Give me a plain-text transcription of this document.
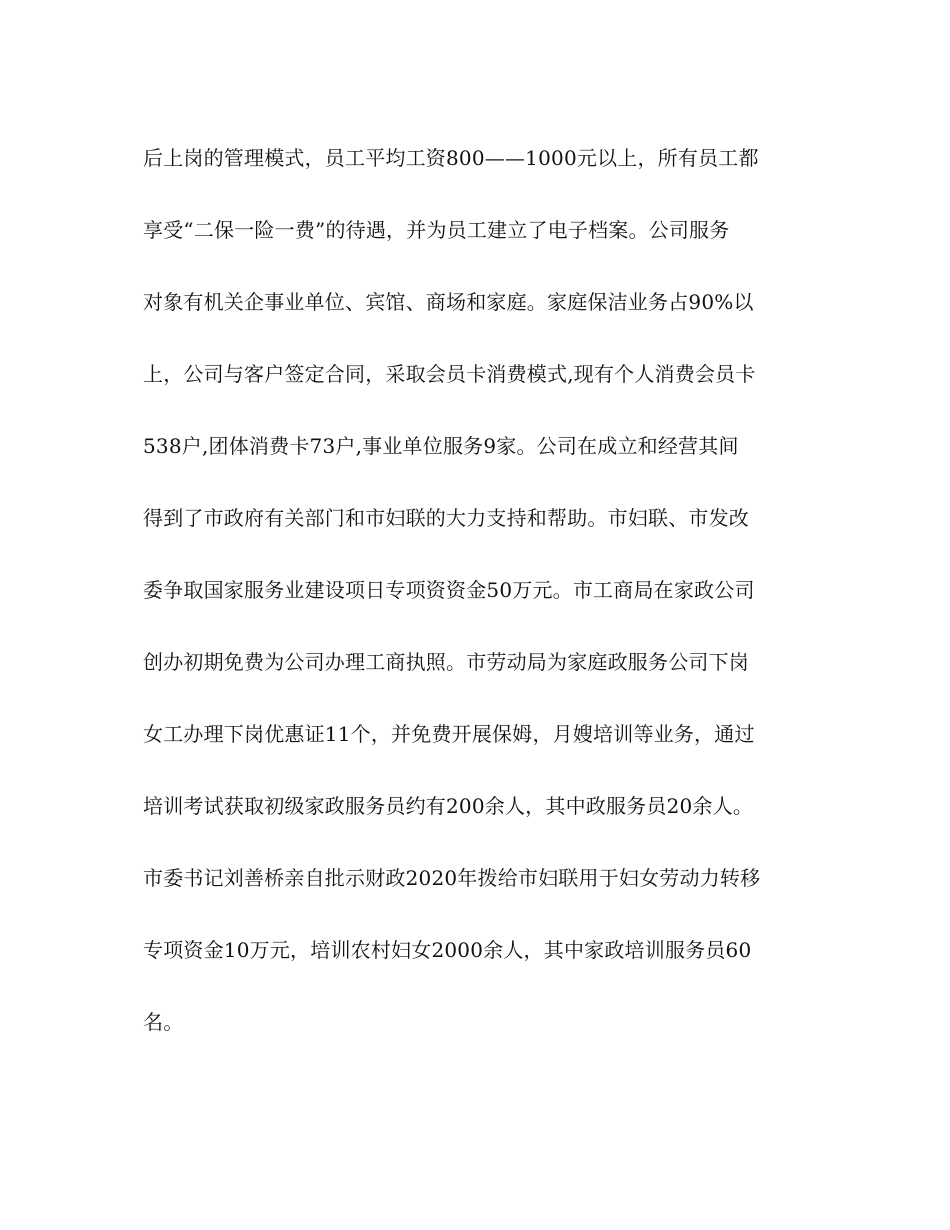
后上岗的管理模式，员工平均工资800——1000元以上，所有员工都
享受“二保一险一费”的待遇，并为员工建立了电子档案。公司服务
对象有机关企事业单位、宾馆、商场和家庭。家庭保洁业务占90%以
上，公司与客户签定合同，采取会员卡消费模式,现有个人消费会员卡
538户,团体消费卡73户,事业单位服务9家。公司在成立和经营其间
得到了市政府有关部门和市妇联的大力支持和帮助。市妇联、市发改
委争取国家服务业建设项日专项资资金50万元。市工商局在家政公司
创办初期免费为公司办理工商执照。市劳动局为家庭政服务公司下岗
女工办理下岗优惠证11个，并免费开展保姆，月嫂培训等业务，通过
培训考试获取初级家政服务员约有200余人，其中政服务员20余人。
市委书记刘善桥亲自批示财政2020年拨给市妇联用于妇女劳动力转移
专项资金10万元，培训农村妇女2000余人，其中家政培训服务员60
名。
